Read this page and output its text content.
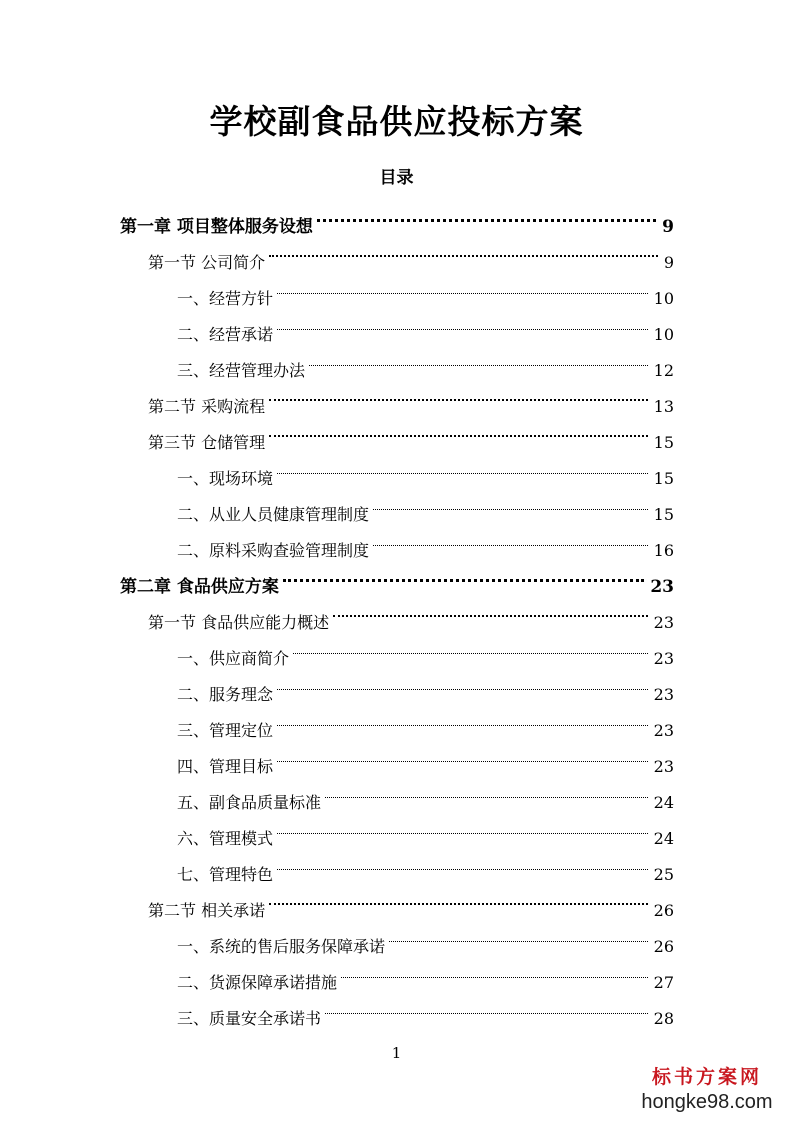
学校副食品供应投标方案
目录
第一章 项目整体服务设想	9
第一节 公司简介	9
一、经营方针	10
二、经营承诺	10
三、经营管理办法	12
第二节 采购流程	13
第三节 仓储管理	15
一、现场环境	15
二、从业人员健康管理制度	15
二、原料采购查验管理制度	16
第二章 食品供应方案	23
第一节 食品供应能力概述	23
一、供应商简介	23
二、服务理念	23
三、管理定位	23
四、管理目标	23
五、副食品质量标准	24
六、管理模式	24
七、管理特色	25
第二节 相关承诺	26
一、系统的售后服务保障承诺	26
二、货源保障承诺措施	27
三、质量安全承诺书	28
1
标书方案网
hongke98.com
